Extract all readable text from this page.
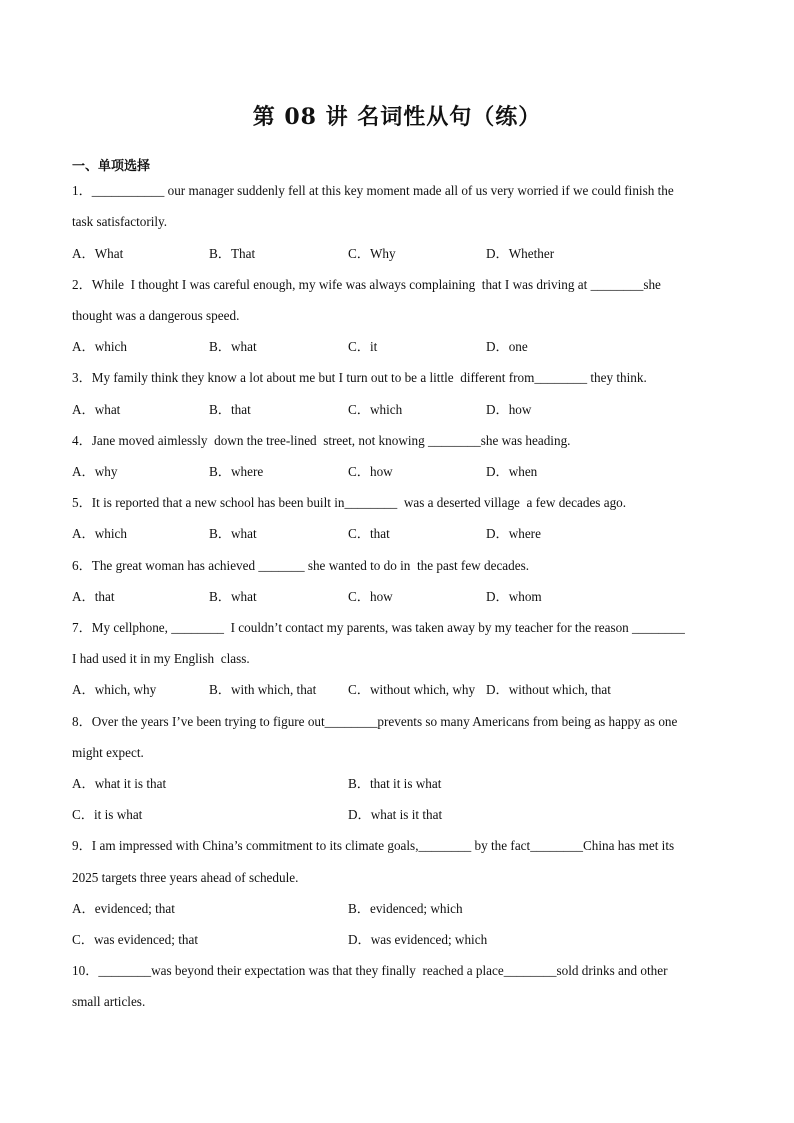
第 08 讲 名词性从句（练）
一、单项选择
1．___________ our manager suddenly fell at this key moment made all of us very worried if we could finish the
task satisfactorily.
A．What	B．That	C．Why	D．Whether
2．While  I thought I was careful enough, my wife was always complaining  that I was driving at ________she
thought was a dangerous speed.
A．which	B．what	C．it	D．one
3．My family think they know a lot about me but I turn out to be a little  different from________ they think.
A．what	B．that	C．which	D．how
4．Jane moved aimlessly  down the tree-lined  street, not knowing ________she was heading.
A．why	B．where	C．how	D．when
5．It is reported that a new school has been built in________  was a deserted village  a few decades ago.
A．which	B．what	C．that	D．where
6．The great woman has achieved _______ she wanted to do in  the past few decades.
A．that	B．what	C．how	D．whom
7．My cellphone, ________  I couldn’t contact my parents, was taken away by my teacher for the reason ________
I had used it in my English  class.
A．which, why	B．with which, that C．without which, why D．without which, that
8．Over the years I’ve been trying to figure out________prevents so many Americans from being as happy as one
might expect.
A．what it is that	B．that it is what
C．it is what	D．what is it that
9．I am impressed with China’s commitment to its climate goals,________ by the fact________China has met its
2025 targets three years ahead of schedule.
A．evidenced; that	B．evidenced; which
C．was evidenced; that	D．was evidenced; which
10．________was beyond their expectation was that they finally  reached a place________sold drinks and other
small articles.
